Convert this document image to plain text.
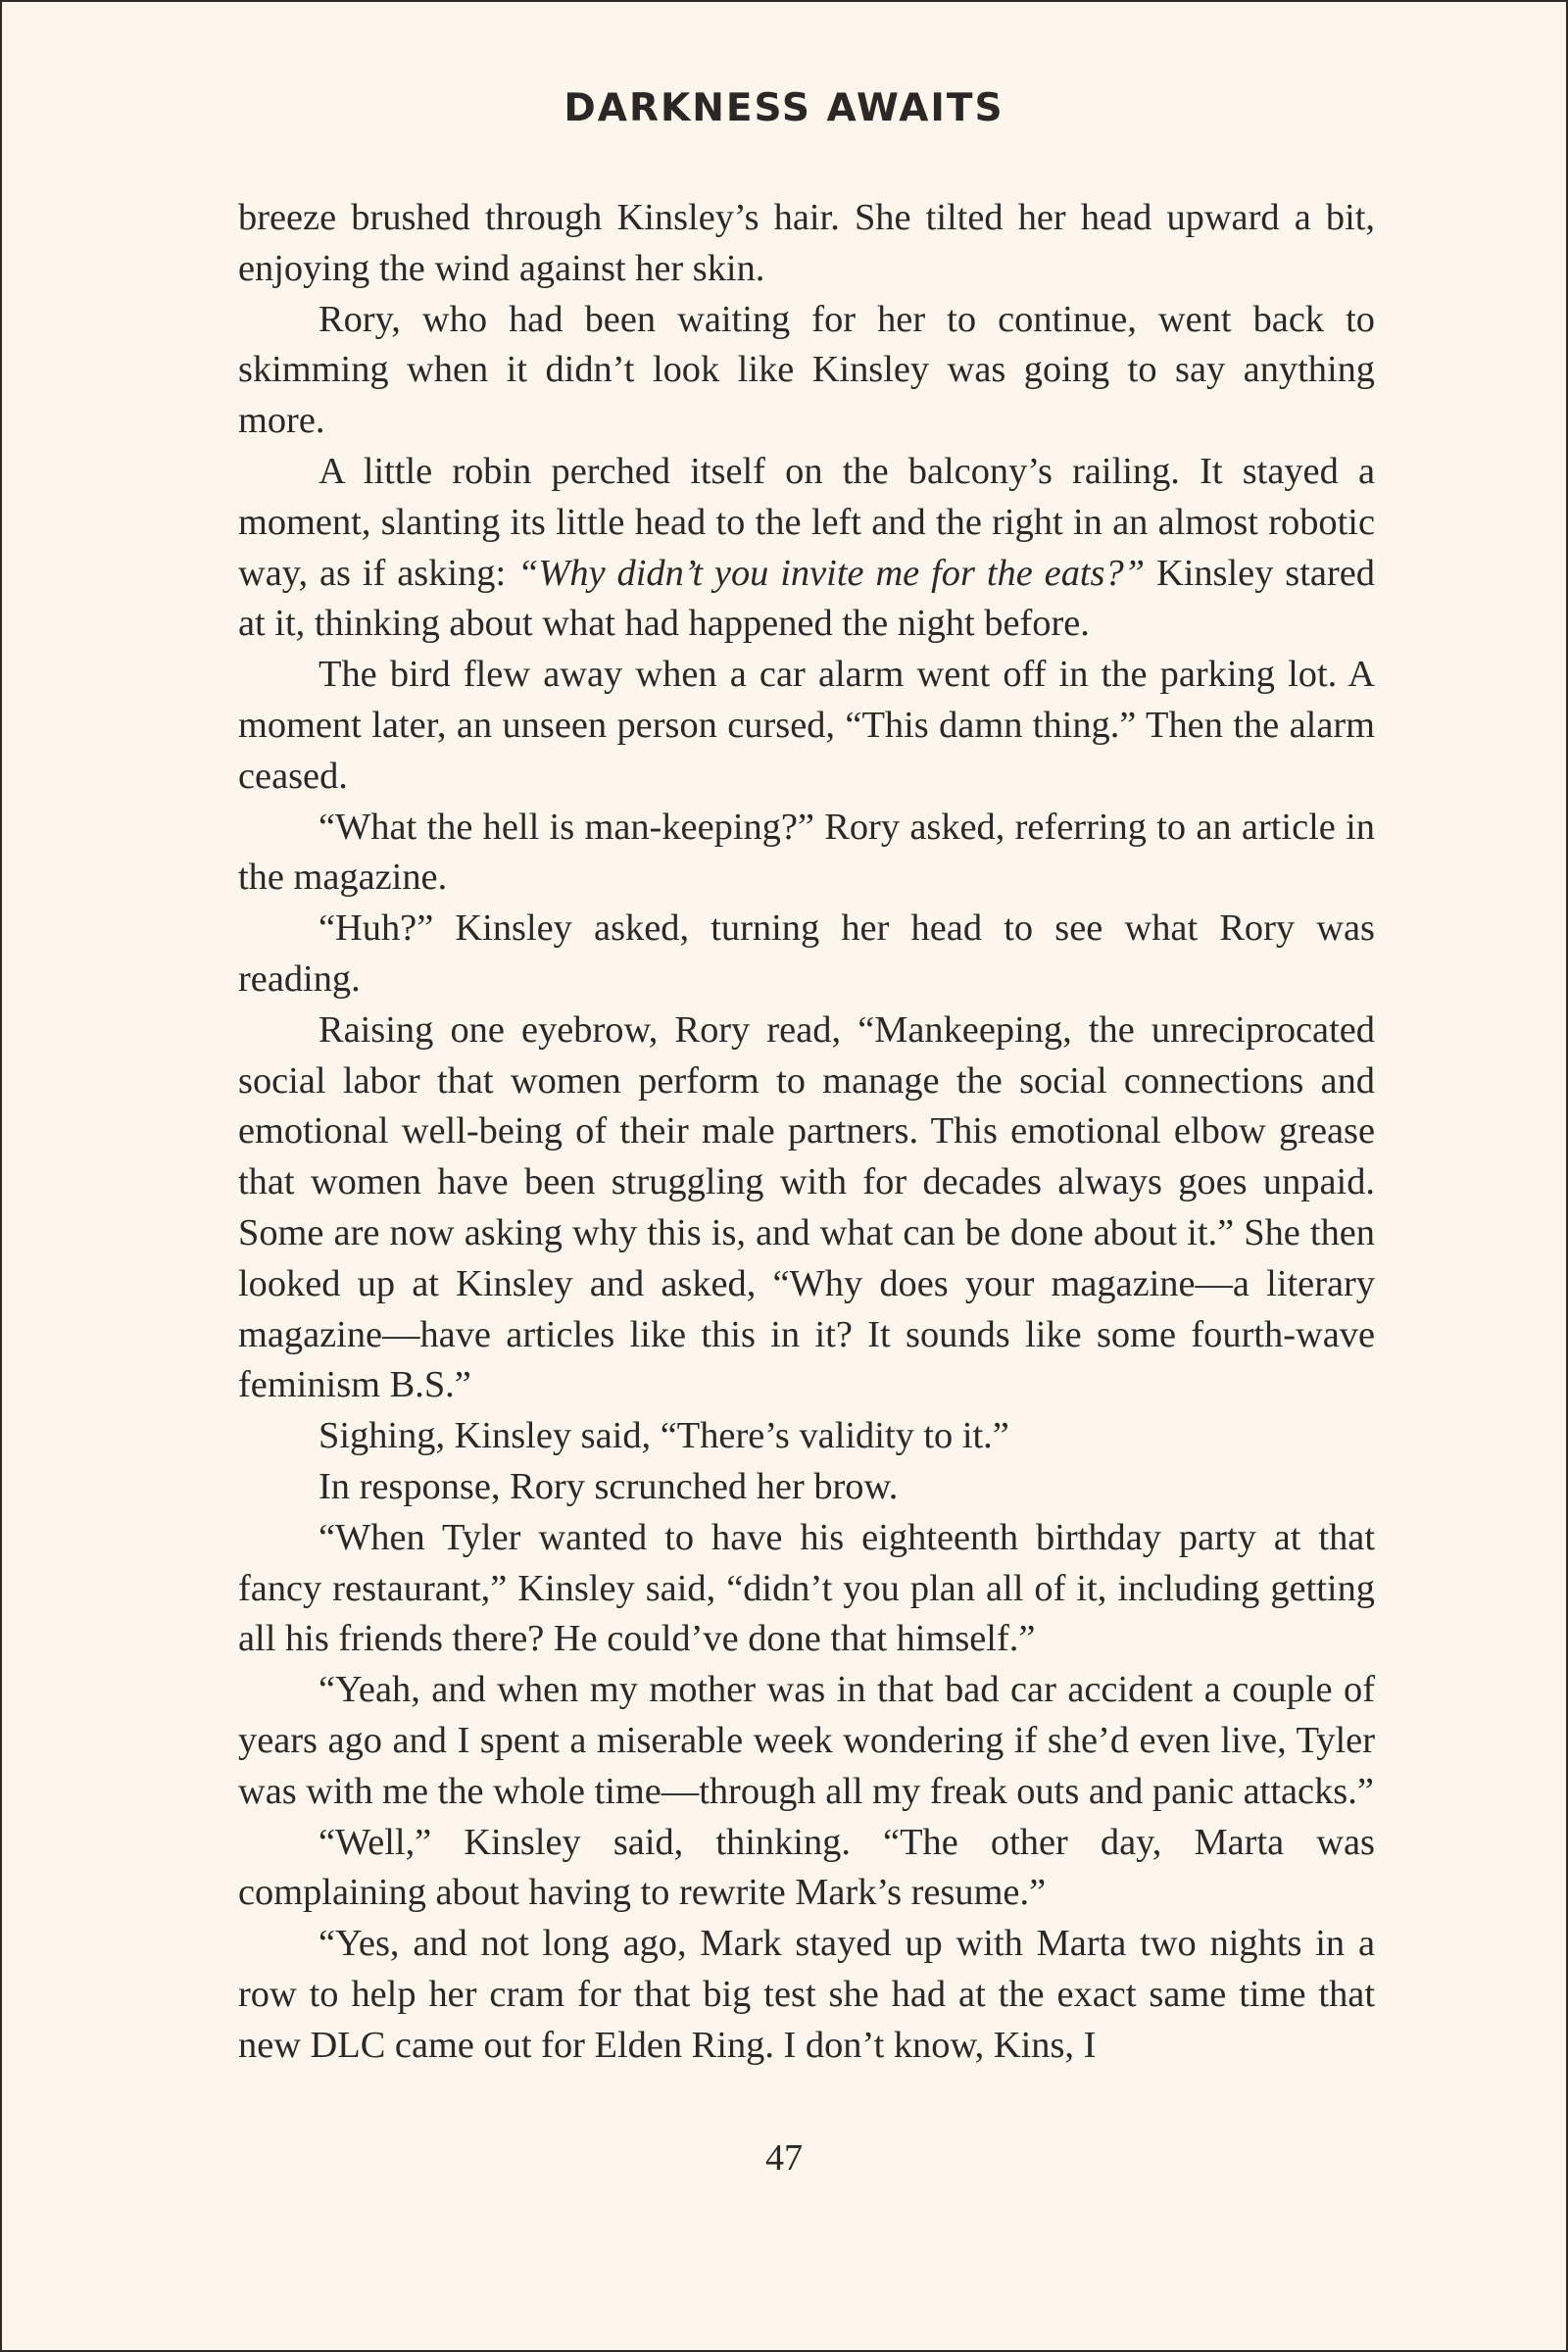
DARKNESS AWAITS

breeze brushed through Kinsley’s hair. She tilted her head upward a bit, enjoying the wind against her skin.

Rory, who had been waiting for her to continue, went back to skimming when it didn’t look like Kinsley was going to say anything more.

A little robin perched itself on the balcony’s railing. It stayed a moment, slanting its little head to the left and the right in an almost robotic way, as if asking: “Why didn’t you invite me for the eats?” Kinsley stared at it, thinking about what had happened the night before.

The bird flew away when a car alarm went off in the parking lot. A moment later, an unseen person cursed, “This damn thing.” Then the alarm ceased.

“What the hell is man-keeping?” Rory asked, referring to an article in the magazine.

“Huh?” Kinsley asked, turning her head to see what Rory was reading.

Raising one eyebrow, Rory read, “Mankeeping, the unreciprocated social labor that women perform to manage the social connections and emotional well-being of their male partners. This emotional elbow grease that women have been struggling with for decades always goes unpaid. Some are now asking why this is, and what can be done about it.” She then looked up at Kinsley and asked, “Why does your magazine—a literary magazine—have articles like this in it? It sounds like some fourth-wave feminism B.S.”

Sighing, Kinsley said, “There’s validity to it.”

In response, Rory scrunched her brow.

“When Tyler wanted to have his eighteenth birthday party at that fancy restaurant,” Kinsley said, “didn’t you plan all of it, including getting all his friends there? He could’ve done that himself.”

“Yeah, and when my mother was in that bad car accident a couple of years ago and I spent a miserable week wondering if she’d even live, Tyler was with me the whole time—through all my freak outs and panic attacks.”

“Well,” Kinsley said, thinking. “The other day, Marta was complaining about having to rewrite Mark’s resume.”

“Yes, and not long ago, Mark stayed up with Marta two nights in a row to help her cram for that big test she had at the exact same time that new DLC came out for Elden Ring. I don’t know, Kins, I

47
